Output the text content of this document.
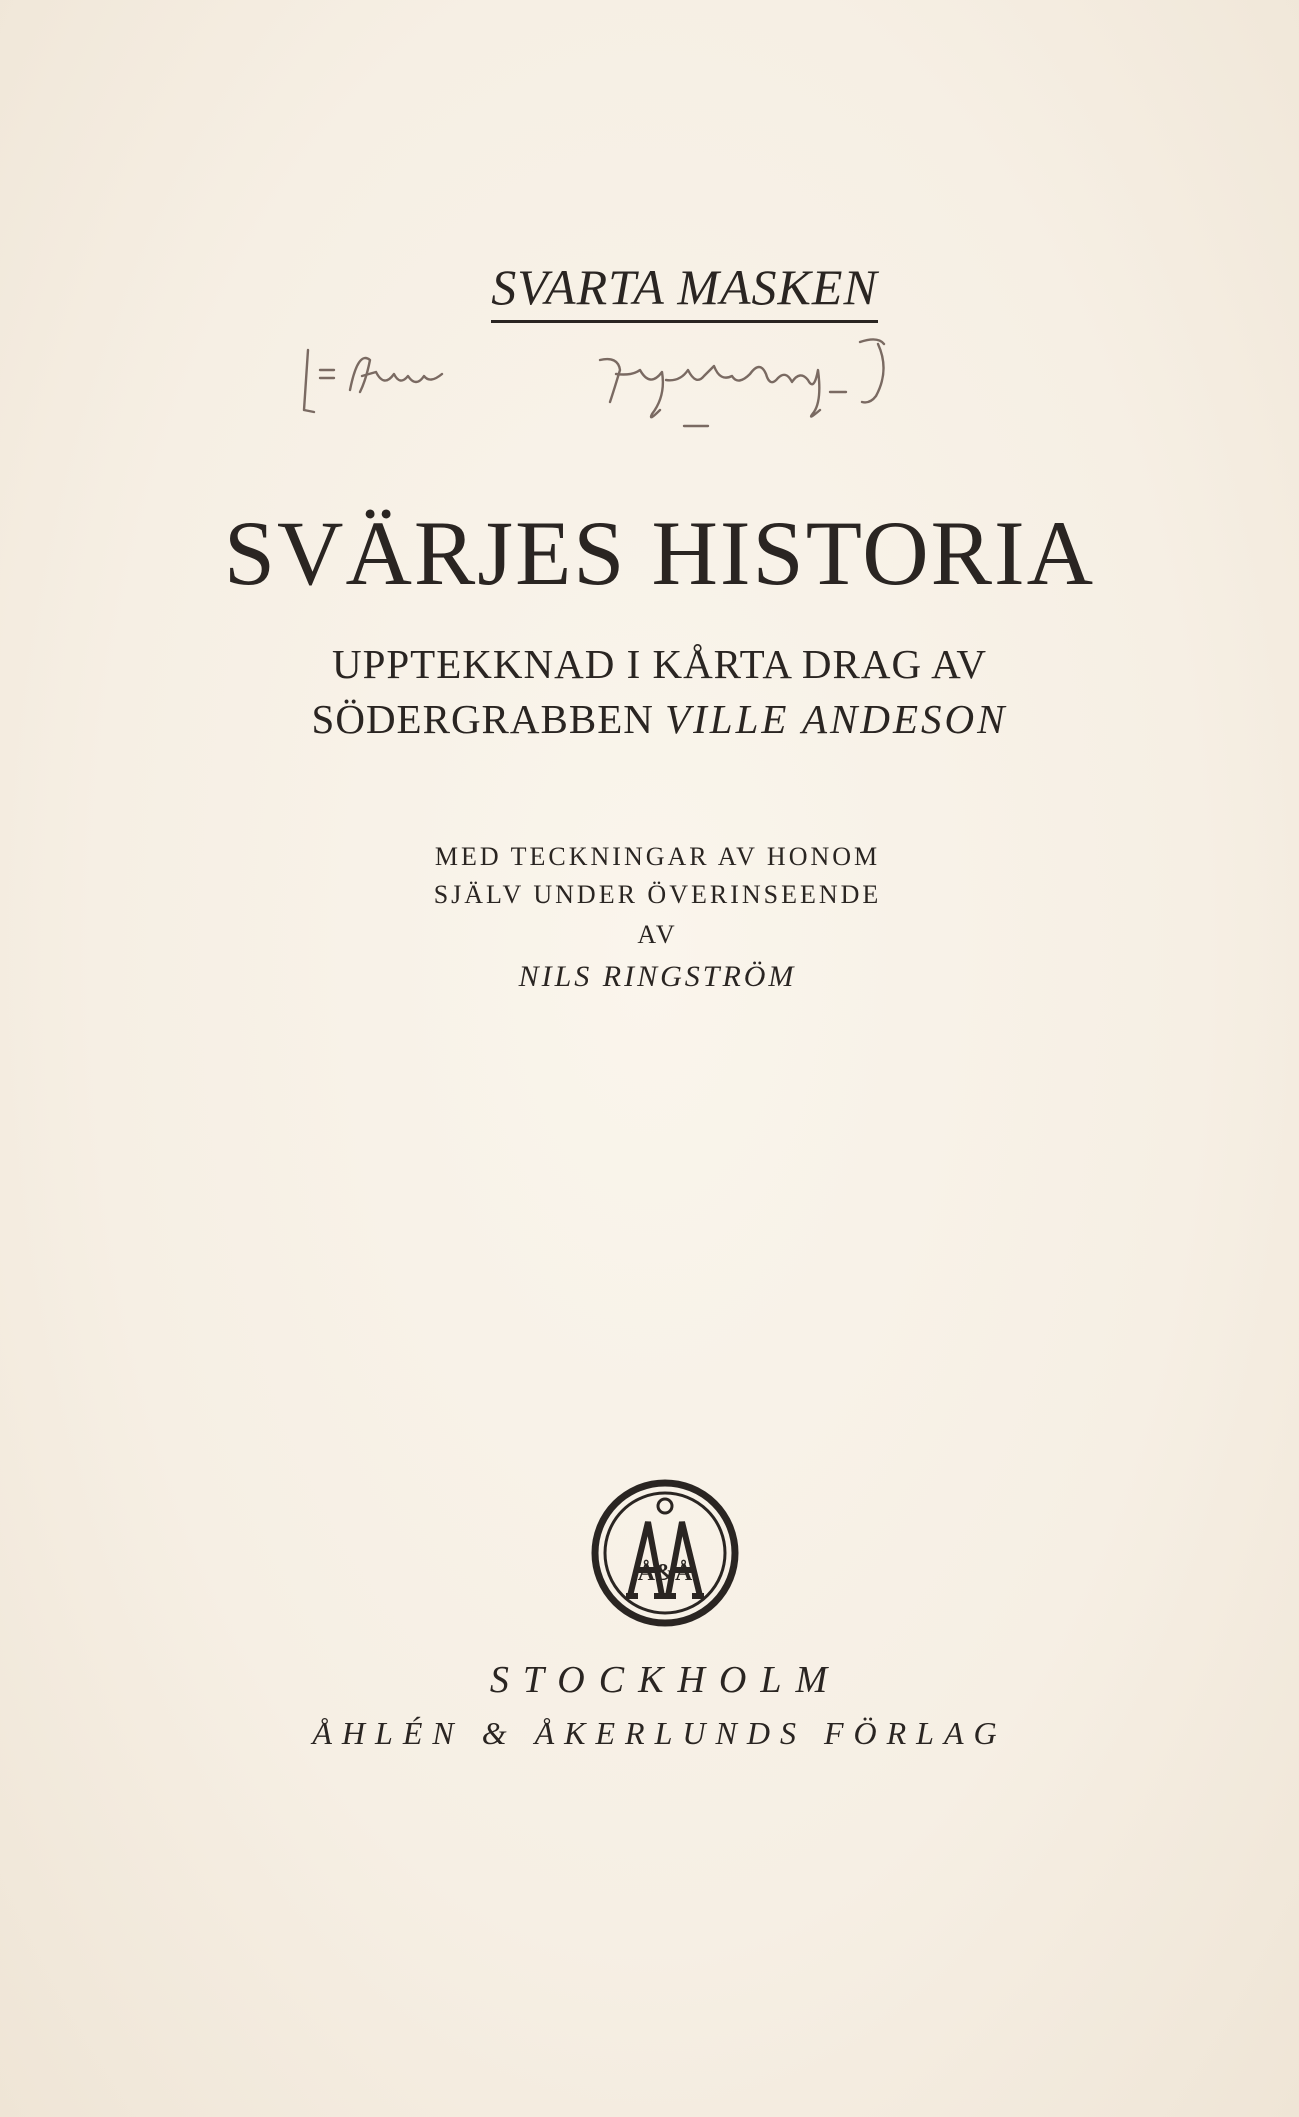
SVARTA MASKEN
SVÄRJES HISTORIA
UPPTEKKNAD I KÅRTA DRAG AV
SÖDERGRABBEN VILLE ANDESON
MED TECKNINGAR AV HONOM
SJÄLV UNDER ÖVERINSEENDE
AV
NILS RINGSTRÖM
Å&Å
STOCKHOLM
ÅHLÉN & ÅKERLUNDS FÖRLAG
